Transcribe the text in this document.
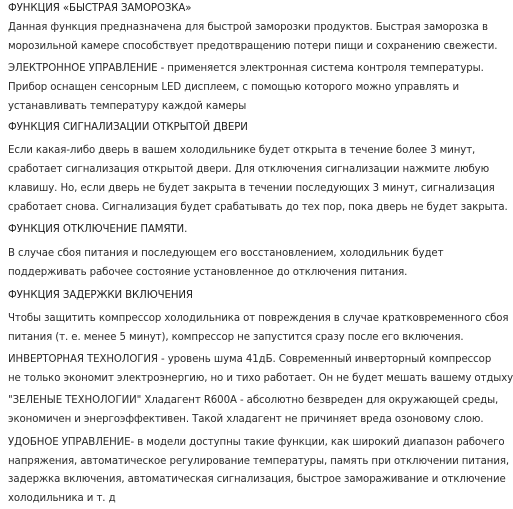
ФУНКЦИЯ «БЫСТРАЯ ЗАМОРОЗКА»
Данная функция предназначена для быстрой заморозки продуктов. Быстрая заморозка в
морозильной камере способствует предотвращению потери пищи и сохранению свежести.
ЭЛЕКТРОННОЕ УПРАВЛЕНИЕ - применяется электронная система контроля температуры.
Прибор оснащен сенсорным LED дисплеем, с помощью которого можно управлять и
устанавливать температуру каждой камеры
ФУНКЦИЯ СИГНАЛИЗАЦИИ ОТКРЫТОЙ ДВЕРИ
Если какая-либо дверь в вашем холодильнике будет открыта в течение более 3 минут,
сработает сигнализация открытой двери. Для отключения сигнализации нажмите любую
клавишу. Но, если дверь не будет закрыта в течении последующих 3 минут, сигнализация
сработает снова. Сигнализация будет срабатывать до тех пор, пока дверь не будет закрыта.
ФУНКЦИЯ ОТКЛЮЧЕНИЕ ПАМЯТИ.
В случае сбоя питания и последующем его восстановлением, холодильник будет
поддерживать рабочее состояние установленное до отключения питания.
ФУНКЦИЯ ЗАДЕРЖКИ ВКЛЮЧЕНИЯ
Чтобы защитить компрессор холодильника от повреждения в случае кратковременного сбоя
питания (т. е. менее 5 минут), компрессор не запустится сразу после его включения.
ИНВЕРТОРНАЯ ТЕХНОЛОГИЯ - уровень шума 41дБ. Современный инверторный компрессор
не только экономит электроэнергию, но и тихо работает. Он не будет мешать вашему отдыху
"ЗЕЛЕНЫЕ ТЕХНОЛОГИИ" Хладагент R600A - абсолютно безвреден для окружающей среды,
экономичен и энергоэффективен. Такой хладагент не причиняет вреда озоновому слою.
УДОБНОЕ УПРАВЛЕНИЕ- в модели доступны такие функции, как широкий диапазон рабочего
напряжения, автоматическое регулирование температуры, память при отключении питания,
задержка включения, автоматическая сигнализация, быстрое замораживание и отключение
холодильника и т. д
